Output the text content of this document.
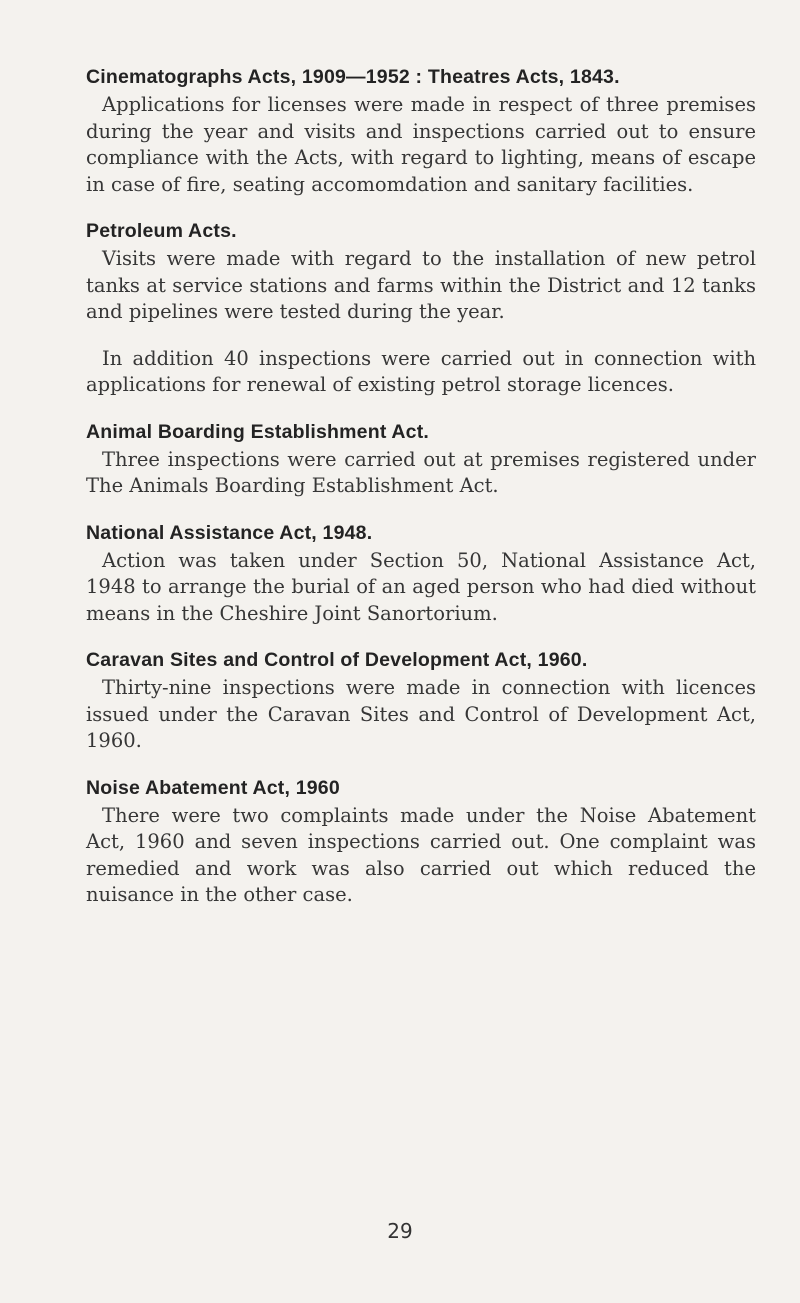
Cinematographs Acts, 1909—1952 : Theatres Acts, 1843.

Applications for licenses were made in respect of three premises during the year and visits and inspections carried out to ensure compliance with the Acts, with regard to lighting, means of escape in case of fire, seating accomomdation and sanitary facilities.

Petroleum Acts.

Visits were made with regard to the installation of new petrol tanks at service stations and farms within the District and 12 tanks and pipelines were tested during the year.

In addition 40 inspections were carried out in connection with applications for renewal of existing petrol storage licences.

Animal Boarding Establishment Act.

Three inspections were carried out at premises registered under The Animals Boarding Establishment Act.

National Assistance Act, 1948.

Action was taken under Section 50, National Assistance Act, 1948 to arrange the burial of an aged person who had died without means in the Cheshire Joint Sanortorium.

Caravan Sites and Control of Development Act, 1960.

Thirty-nine inspections were made in connection with licences issued under the Caravan Sites and Control of Development Act, 1960.

Noise Abatement Act, 1960

There were two complaints made under the Noise Abatement Act, 1960 and seven inspections carried out. One complaint was remedied and work was also carried out which reduced the nuisance in the other case.

29
